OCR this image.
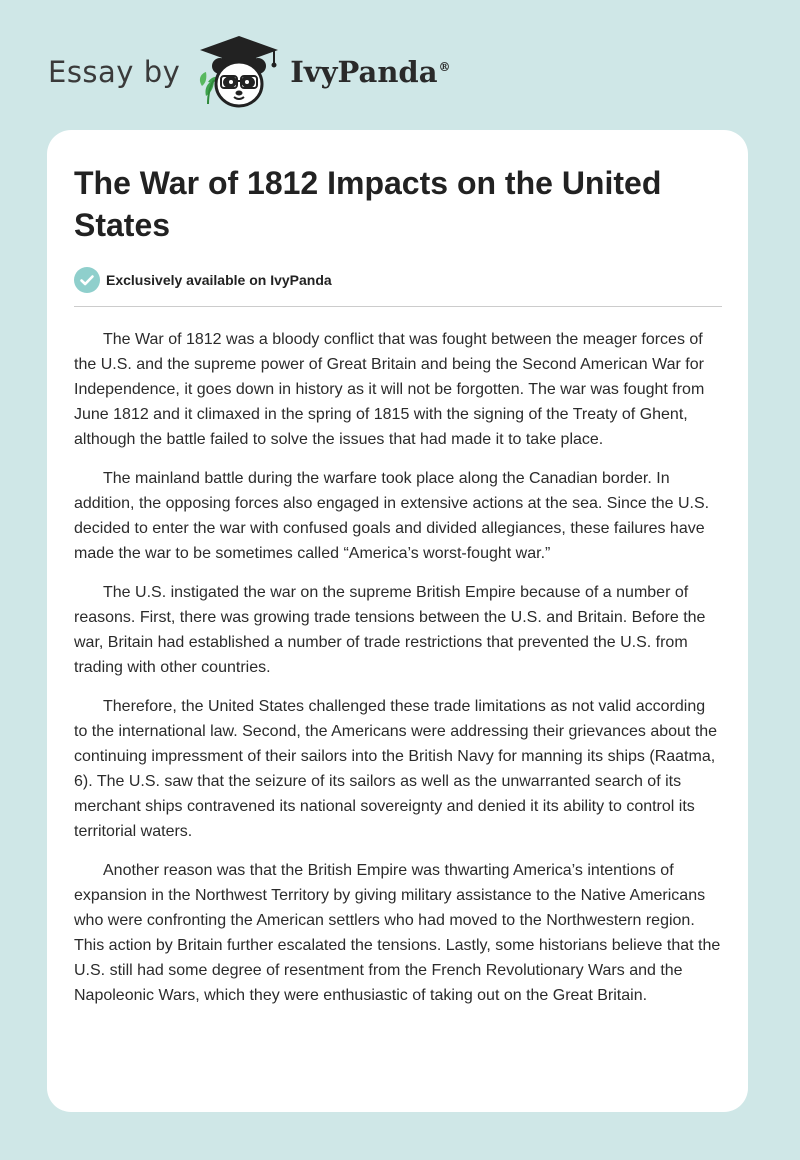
Essay by	IvyPanda®
The War of 1812 Impacts on the United States
Exclusively available on IvyPanda

The War of 1812 was a bloody conflict that was fought between the meager forces of the U.S. and the supreme power of Great Britain and being the Second American War for Independence, it goes down in history as it will not be forgotten. The war was fought from June 1812 and it climaxed in the spring of 1815 with the signing of the Treaty of Ghent, although the battle failed to solve the issues that had made it to take place.

The mainland battle during the warfare took place along the Canadian border. In addition, the opposing forces also engaged in extensive actions at the sea. Since the U.S. decided to enter the war with confused goals and divided allegiances, these failures have made the war to be sometimes called “America’s worst-fought war.”

The U.S. instigated the war on the supreme British Empire because of a number of reasons. First, there was growing trade tensions between the U.S. and Britain. Before the war, Britain had established a number of trade restrictions that prevented the U.S. from trading with other countries.

Therefore, the United States challenged these trade limitations as not valid according to the international law. Second, the Americans were addressing their grievances about the continuing impressment of their sailors into the British Navy for manning its ships (Raatma, 6). The U.S. saw that the seizure of its sailors as well as the unwarranted search of its merchant ships contravened its national sovereignty and denied it its ability to control its territorial waters.

Another reason was that the British Empire was thwarting America’s intentions of expansion in the Northwest Territory by giving military assistance to the Native Americans who were confronting the American settlers who had moved to the Northwestern region. This action by Britain further escalated the tensions. Lastly, some historians believe that the U.S. still had some degree of resentment from the French Revolutionary Wars and the Napoleonic Wars, which they were enthusiastic of taking out on the Great Britain.
